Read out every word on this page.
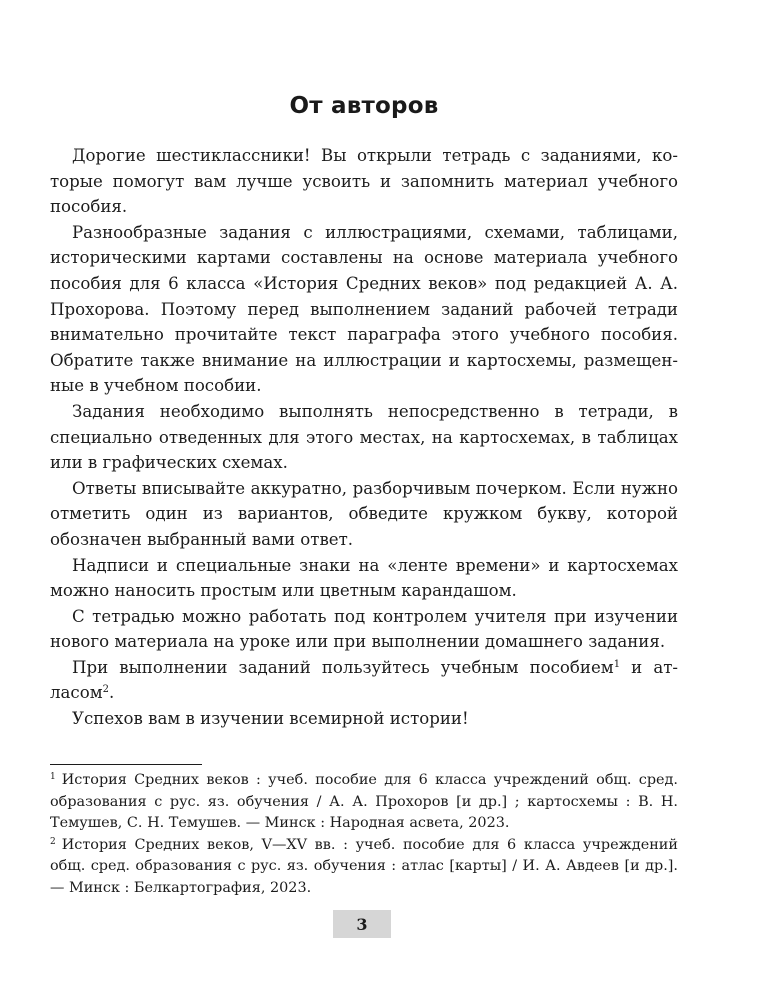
От авторов

Дорогие шестиклассники! Вы открыли тетрадь с заданиями, которые помогут вам лучше усвоить и запомнить материал учебного пособия.

Разнообразные задания с иллюстрациями, схемами, таблицами, историческими картами составлены на основе материала учебного пособия для 6 класса «История Средних веков» под редакцией А. А. Прохорова. Поэтому перед выполнением заданий рабочей тетради внимательно прочитайте текст параграфа этого учебного пособия. Обратите также внимание на иллюстрации и картосхемы, размещенные в учебном пособии.

Задания необходимо выполнять непосредственно в тетради, в специально отведенных для этого местах, на картосхемах, в таблицах или в графических схемах.

Ответы вписывайте аккуратно, разборчивым почерком. Если нужно отметить один из вариантов, обведите кружком букву, которой обозначен выбранный вами ответ.

Надписи и специальные знаки на «ленте времени» и картосхемах можно наносить простым или цветным карандашом.

С тетрадью можно работать под контролем учителя при изучении нового материала на уроке или при выполнении домашнего задания.

При выполнении заданий пользуйтесь учебным пособием$^1$ и атласом$^2$.

Успехов вам в изучении всемирной истории!

$^1$ История Средних веков : учеб. пособие для 6 класса учреждений общ. сред. образования с рус. яз. обучения / А. А. Прохоров [и др.] ; картосхемы : В. Н. Темушев, С. Н. Темушев. — Минск : Народная асвета, 2023.

$^2$ История Средних веков, V—XV вв. : учеб. пособие для 6 класса учреждений общ. сред. образования с рус. яз. обучения : атлас [карты] / И. А. Авдеев [и др.]. — Минск : Белкартография, 2023.

3
